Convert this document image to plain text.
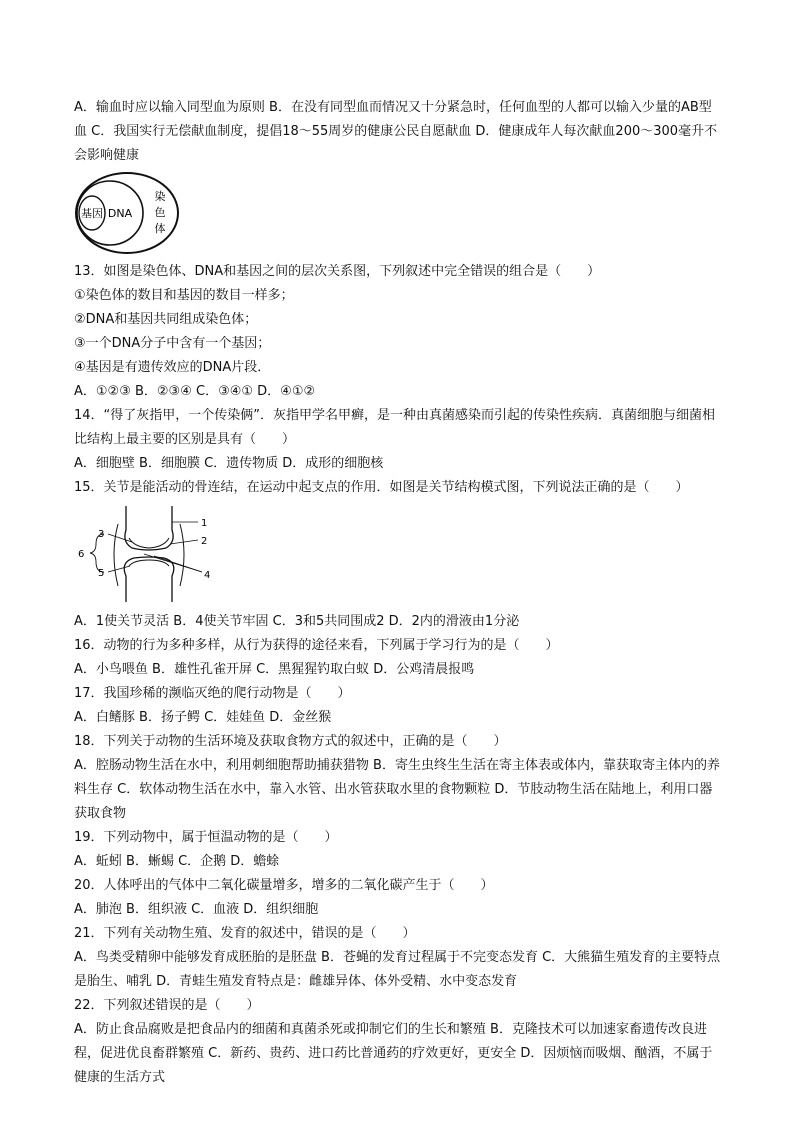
A．输血时应以输入同型血为原则 B．在没有同型血而情况又十分紧急时，任何血型的人都可以输入少量的AB型血 C．我国实行无偿献血制度，提倡18～55周岁的健康公民自愿献血 D．健康成年人每次献血200～300毫升不会影响健康

基因 DNA
染
色
体

13．如图是染色体、DNA和基因之间的层次关系图，下列叙述中完全错误的组合是（　　）

①染色体的数目和基因的数目一样多；

②DNA和基因共同组成染色体；

③一个DNA分子中含有一个基因；

④基因是有遗传效应的DNA片段．

A．①②③ B．②③④ C．③④① D．④①②

14．“得了灰指甲，一个传染俩”．灰指甲学名甲癣，是一种由真菌感染而引起的传染性疾病．真菌细胞与细菌相比结构上最主要的区别是具有（　　）

A．细胞壁 B．细胞膜 C．遗传物质 D．成形的细胞核

15．关节是能活动的骨连结，在运动中起支点的作用．如图是关节结构模式图，下列说法正确的是（　　）

1
2
3
4
5
6

A．1使关节灵活 B．4使关节牢固 C．3和5共同围成2 D．2内的滑液由1分泌

16．动物的行为多种多样，从行为获得的途径来看，下列属于学习行为的是（　　）

A．小鸟喂鱼 B．雄性孔雀开屏 C．黑猩猩钓取白蚁 D．公鸡清晨报鸣

17．我国珍稀的濒临灭绝的爬行动物是（　　）

A．白鳍豚 B．扬子鳄 C．娃娃鱼 D．金丝猴

18．下列关于动物的生活环境及获取食物方式的叙述中，正确的是（　　）

A．腔肠动物生活在水中，利用刺细胞帮助捕获猎物 B．寄生虫终生生活在寄主体表或体内，靠获取寄主体内的养料生存 C．软体动物生活在水中，靠入水管、出水管获取水里的食物颗粒 D．节肢动物生活在陆地上，利用口器获取食物

19．下列动物中，属于恒温动物的是（　　）

A．蚯蚓 B．蜥蜴 C．企鹅 D．蟾蜍

20．人体呼出的气体中二氧化碳量增多，增多的二氧化碳产生于（　　）

A．肺泡 B．组织液 C．血液 D．组织细胞

21．下列有关动物生殖、发育的叙述中，错误的是（　　）

A．鸟类受精卵中能够发育成胚胎的是胚盘 B．苍蝇的发育过程属于不完变态发育 C．大熊猫生殖发育的主要特点是胎生、哺乳 D．青蛙生殖发育特点是：雌雄异体、体外受精、水中变态发育

22．下列叙述错误的是（　　）

A．防止食品腐败是把食品内的细菌和真菌杀死或抑制它们的生长和繁殖 B．克隆技术可以加速家畜遗传改良进程，促进优良畜群繁殖 C．新药、贵药、进口药比普通药的疗效更好，更安全 D．因烦恼而吸烟、酗酒，不属于健康的生活方式
